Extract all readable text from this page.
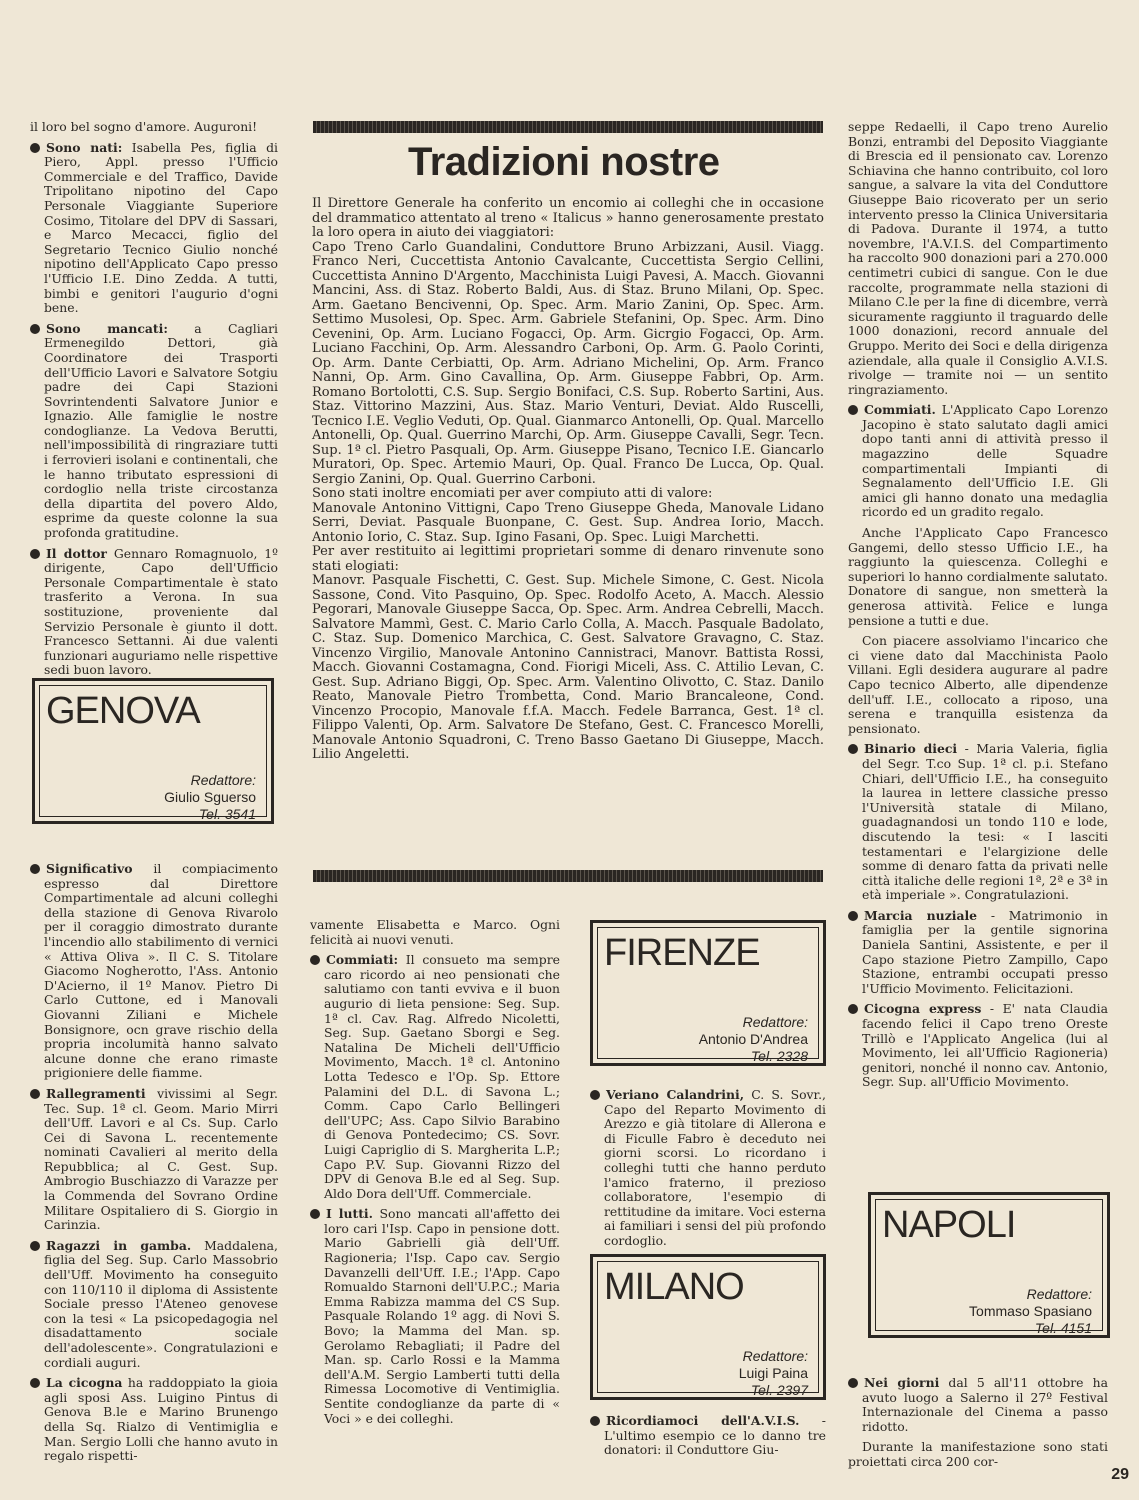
il loro bel sogno d'amore. Auguroni!

Sono nati: Isabella Pes, figlia di Piero, Appl. presso l'Ufficio Commerciale e del Traffico, Davide Tripolitano nipotino del Capo Personale Viaggiante Superiore Cosimo, Titolare del DPV di Sassari, e Marco Mecacci, figlio del Segretario Tecnico Giulio nonché nipotino dell'Applicato Capo presso l'Ufficio I.E. Dino Zedda. A tutti, bimbi e genitori l'augurio d'ogni bene.

Sono mancati: a Cagliari Ermenegildo Dettori, già Coordinatore dei Trasporti dell'Ufficio Lavori e Salvatore Sotgiu padre dei Capi Stazioni Sovrintendenti Salvatore Junior e Ignazio. Alle famiglie le nostre condoglianze. La Vedova Berutti, nell'impossibilità di ringraziare tutti i ferrovieri isolani e continentali, che le hanno tributato espressioni di cordoglio nella triste circostanza della dipartita del povero Aldo, esprime da queste colonne la sua profonda gratitudine.

Il dottor Gennaro Romagnuolo, 1º dirigente, Capo dell'Ufficio Personale Compartimentale è stato trasferito a Verona. In sua sostituzione, proveniente dal Servizio Personale è giunto il dott. Francesco Settanni. Ai due valenti funzionari auguriamo nelle rispettive sedi buon lavoro.

GENOVA
Redattore:
Giulio Sguerso
Tel. 3541

Significativo il compiacimento espresso dal Direttore Compartimentale ad alcuni colleghi della stazione di Genova Rivarolo per il coraggio dimostrato durante l'incendio allo stabilimento di vernici « Attiva Oliva ». Il C. S. Titolare Giacomo Nogherotto, l'Ass. Antonio D'Acierno, il 1º Manov. Pietro Di Carlo Cuttone, ed i Manovali Giovanni Ziliani e Michele Bonsignore, ocn grave rischio della propria incolumità hanno salvato alcune donne che erano rimaste prigioniere delle fiamme.

Rallegramenti vivissimi al Segr. Tec. Sup. 1ª cl. Geom. Mario Mirri dell'Uff. Lavori e al Cs. Sup. Carlo Cei di Savona L. recentemente nominati Cavalieri al merito della Repubblica; al C. Gest. Sup. Ambrogio Buschiazzo di Varazze per la Commenda del Sovrano Ordine Militare Ospitaliero di S. Giorgio in Carinzia.

Ragazzi in gamba. Maddalena, figlia del Seg. Sup. Carlo Massobrio dell'Uff. Movimento ha conseguito con 110/110 il diploma di Assistente Sociale presso l'Ateneo genovese con la tesi « La psicopedagogia nel disadattamento sociale dell'adolescente». Congratulazioni e cordiali auguri.

La cicogna ha raddoppiato la gioia agli sposi Ass. Luigino Pintus di Genova B.le e Marino Brunengo della Sq. Rialzo di Ventimiglia e Man. Sergio Lolli che hanno avuto in regalo rispetti-

Tradizioni nostre

Il Direttore Generale ha conferito un encomio ai colleghi che in occasione del drammatico attentato al treno « Italicus » hanno generosamente prestato la loro opera in aiuto dei viaggiatori:

Capo Treno Carlo Guandalini, Conduttore Bruno Arbizzani, Ausil. Viagg. Franco Neri, Cuccettista Antonio Cavalcante, Cuccettista Sergio Cellini, Cuccettista Annino D'Argento, Macchinista Luigi Pavesi, A. Macch. Giovanni Mancini, Ass. di Staz. Roberto Baldi, Aus. di Staz. Bruno Milani, Op. Spec. Arm. Gaetano Bencivenni, Op. Spec. Arm. Mario Zanini, Op. Spec. Arm. Settimo Musolesi, Op. Spec. Arm. Gabriele Stefanini, Op. Spec. Arm. Dino Cevenini, Op. Arm. Luciano Fogacci, Op. Arm. Gicrgio Fogacci, Op. Arm. Luciano Facchini, Op. Arm. Alessandro Carboni, Op. Arm. G. Paolo Corinti, Op. Arm. Dante Cerbiatti, Op. Arm. Adriano Michelini, Op. Arm. Franco Nanni, Op. Arm. Gino Cavallina, Op. Arm. Giuseppe Fabbri, Op. Arm. Romano Bortolotti, C.S. Sup. Sergio Bonifaci, C.S. Sup. Roberto Sartini, Aus. Staz. Vittorino Mazzini, Aus. Staz. Mario Venturi, Deviat. Aldo Ruscelli, Tecnico I.E. Veglio Veduti, Op. Qual. Gianmarco Antonelli, Op. Qual. Marcello Antonelli, Op. Qual. Guerrino Marchi, Op. Arm. Giuseppe Cavalli, Segr. Tecn. Sup. 1ª cl. Pietro Pasquali, Op. Arm. Giuseppe Pisano, Tecnico I.E. Giancarlo Muratori, Op. Spec. Artemio Mauri, Op. Qual. Franco De Lucca, Op. Qual. Sergio Zanini, Op. Qual. Guerrino Carboni.

Sono stati inoltre encomiati per aver compiuto atti di valore:

Manovale Antonino Vittigni, Capo Treno Giuseppe Gheda, Manovale Lidano Serri, Deviat. Pasquale Buonpane, C. Gest. Sup. Andrea Iorio, Macch. Antonio Iorio, C. Staz. Sup. Igino Fasani, Op. Spec. Luigi Marchetti.

Per aver restituito ai legittimi proprietari somme di denaro rinvenute sono stati elogiati:

Manovr. Pasquale Fischetti, C. Gest. Sup. Michele Simone, C. Gest. Nicola Sassone, Cond. Vito Pasquino, Op. Spec. Rodolfo Aceto, A. Macch. Alessio Pegorari, Manovale Giuseppe Sacca, Op. Spec. Arm. Andrea Cebrelli, Macch. Salvatore Mammì, Gest. C. Mario Carlo Colla, A. Macch. Pasquale Badolato, C. Staz. Sup. Domenico Marchica, C. Gest. Salvatore Gravagno, C. Staz. Vincenzo Virgilio, Manovale Antonino Cannistraci, Manovr. Battista Rossi, Macch. Giovanni Costamagna, Cond. Fiorigi Miceli, Ass. C. Attilio Levan, C. Gest. Sup. Adriano Biggi, Op. Spec. Arm. Valentino Olivotto, C. Staz. Danilo Reato, Manovale Pietro Trombetta, Cond. Mario Brancaleone, Cond. Vincenzo Procopio, Manovale f.f.A. Macch. Fedele Barranca, Gest. 1ª cl. Filippo Valenti, Op. Arm. Salvatore De Stefano, Gest. C. Francesco Morelli, Manovale Antonio Squadroni, C. Treno Basso Gaetano Di Giuseppe, Macch. Lilio Angeletti.

vamente Elisabetta e Marco. Ogni felicità ai nuovi venuti.

Commiati: Il consueto ma sempre caro ricordo ai neo pensionati che salutiamo con tanti evviva e il buon augurio di lieta pensione: Seg. Sup. 1ª cl. Cav. Rag. Alfredo Nicoletti, Seg. Sup. Gaetano Sborgi e Seg. Natalina De Micheli dell'Ufficio Movimento, Macch. 1ª cl. Antonino Lotta Tedesco e l'Op. Sp. Ettore Palamini del D.L. di Savona L.; Comm. Capo Carlo Bellingeri dell'UPC; Ass. Capo Silvio Barabino di Genova Pontedecimo; CS. Sovr. Luigi Capriglio di S. Margherita L.P.; Capo P.V. Sup. Giovanni Rizzo del DPV di Genova B.le ed al Seg. Sup. Aldo Dora dell'Uff. Commerciale.

I lutti. Sono mancati all'affetto dei loro cari l'Isp. Capo in pensione dott. Mario Gabrielli già dell'Uff. Ragioneria; l'Isp. Capo cav. Sergio Davanzelli dell'Uff. I.E.; l'App. Capo Romualdo Starnoni dell'U.P.C.; Maria Emma Rabizza mamma del CS Sup. Pasquale Rolando 1º agg. di Novi S. Bovo; la Mamma del Man. sp. Gerolamo Rebagliati; il Padre del Man. sp. Carlo Rossi e la Mamma dell'A.M. Sergio Lamberti tutti della Rimessa Locomotive di Ventimiglia. Sentite condoglianze da parte di « Voci » e dei colleghi.

FIRENZE
Redattore:
Antonio D'Andrea
Tel. 2328

Veriano Calandrini, C. S. Sovr., Capo del Reparto Movimento di Arezzo e già titolare di Allerona e di Ficulle Fabro è deceduto nei giorni scorsi. Lo ricordano i colleghi tutti che hanno perduto l'amico fraterno, il prezioso collaboratore, l'esempio di rettitudine da imitare. Voci esterna ai familiari i sensi del più profondo cordoglio.

MILANO
Redattore:
Luigi Paina
Tel. 2397

Ricordiamoci dell'A.V.I.S. - L'ultimo esempio ce lo danno tre donatori: il Conduttore Giu-

seppe Redaelli, il Capo treno Aurelio Bonzi, entrambi del Deposito Viaggiante di Brescia ed il pensionato cav. Lorenzo Schiavina che hanno contribuito, col loro sangue, a salvare la vita del Conduttore Giuseppe Baio ricoverato per un serio intervento presso la Clinica Universitaria di Padova. Durante il 1974, a tutto novembre, l'A.V.I.S. del Compartimento ha raccolto 900 donazioni pari a 270.000 centimetri cubici di sangue. Con le due raccolte, programmate nella stazioni di Milano C.le per la fine di dicembre, verrà sicuramente raggiunto il traguardo delle 1000 donazioni, record annuale del Gruppo. Merito dei Soci e della dirigenza aziendale, alla quale il Consiglio A.V.I.S. rivolge — tramite noi — un sentito ringraziamento.

Commiati. L'Applicato Capo Lorenzo Jacopino è stato salutato dagli amici dopo tanti anni di attività presso il magazzino delle Squadre compartimentali Impianti di Segnalamento dell'Ufficio I.E. Gli amici gli hanno donato una medaglia ricordo ed un gradito regalo.

Anche l'Applicato Capo Francesco Gangemi, dello stesso Ufficio I.E., ha raggiunto la quiescenza. Colleghi e superiori lo hanno cordialmente salutato. Donatore di sangue, non smetterà la generosa attività. Felice e lunga pensione a tutti e due.

Con piacere assolviamo l'incarico che ci viene dato dal Macchinista Paolo Villani. Egli desidera augurare al padre Capo tecnico Alberto, alle dipendenze dell'uff. I.E., collocato a riposo, una serena e tranquilla esistenza da pensionato.

Binario dieci - Maria Valeria, figlia del Segr. T.co Sup. 1ª cl. p.i. Stefano Chiari, dell'Ufficio I.E., ha conseguito la laurea in lettere classiche presso l'Università statale di Milano, guadagnandosi un tondo 110 e lode, discutendo la tesi: « I lasciti testamentari e l'elargizione delle somme di denaro fatta da privati nelle città italiche delle regioni 1ª, 2ª e 3ª in età imperiale ». Congratulazioni.

Marcia nuziale - Matrimonio in famiglia per la gentile signorina Daniela Santini, Assistente, e per il Capo stazione Pietro Zampillo, Capo Stazione, entrambi occupati presso l'Ufficio Movimento. Felicitazioni.

Cicogna express - E' nata Claudia facendo felici il Capo treno Oreste Trillò e l'Applicato Angelica (lui al Movimento, lei all'Ufficio Ragioneria) genitori, nonché il nonno cav. Antonio, Segr. Sup. all'Ufficio Movimento.

NAPOLI
Redattore:
Tommaso Spasiano
Tel. 4151

Nei giorni dal 5 all'11 ottobre ha avuto luogo a Salerno il 27º Festival Internazionale del Cinema a passo ridotto.

Durante la manifestazione sono stati proiettati circa 200 cor-

29
